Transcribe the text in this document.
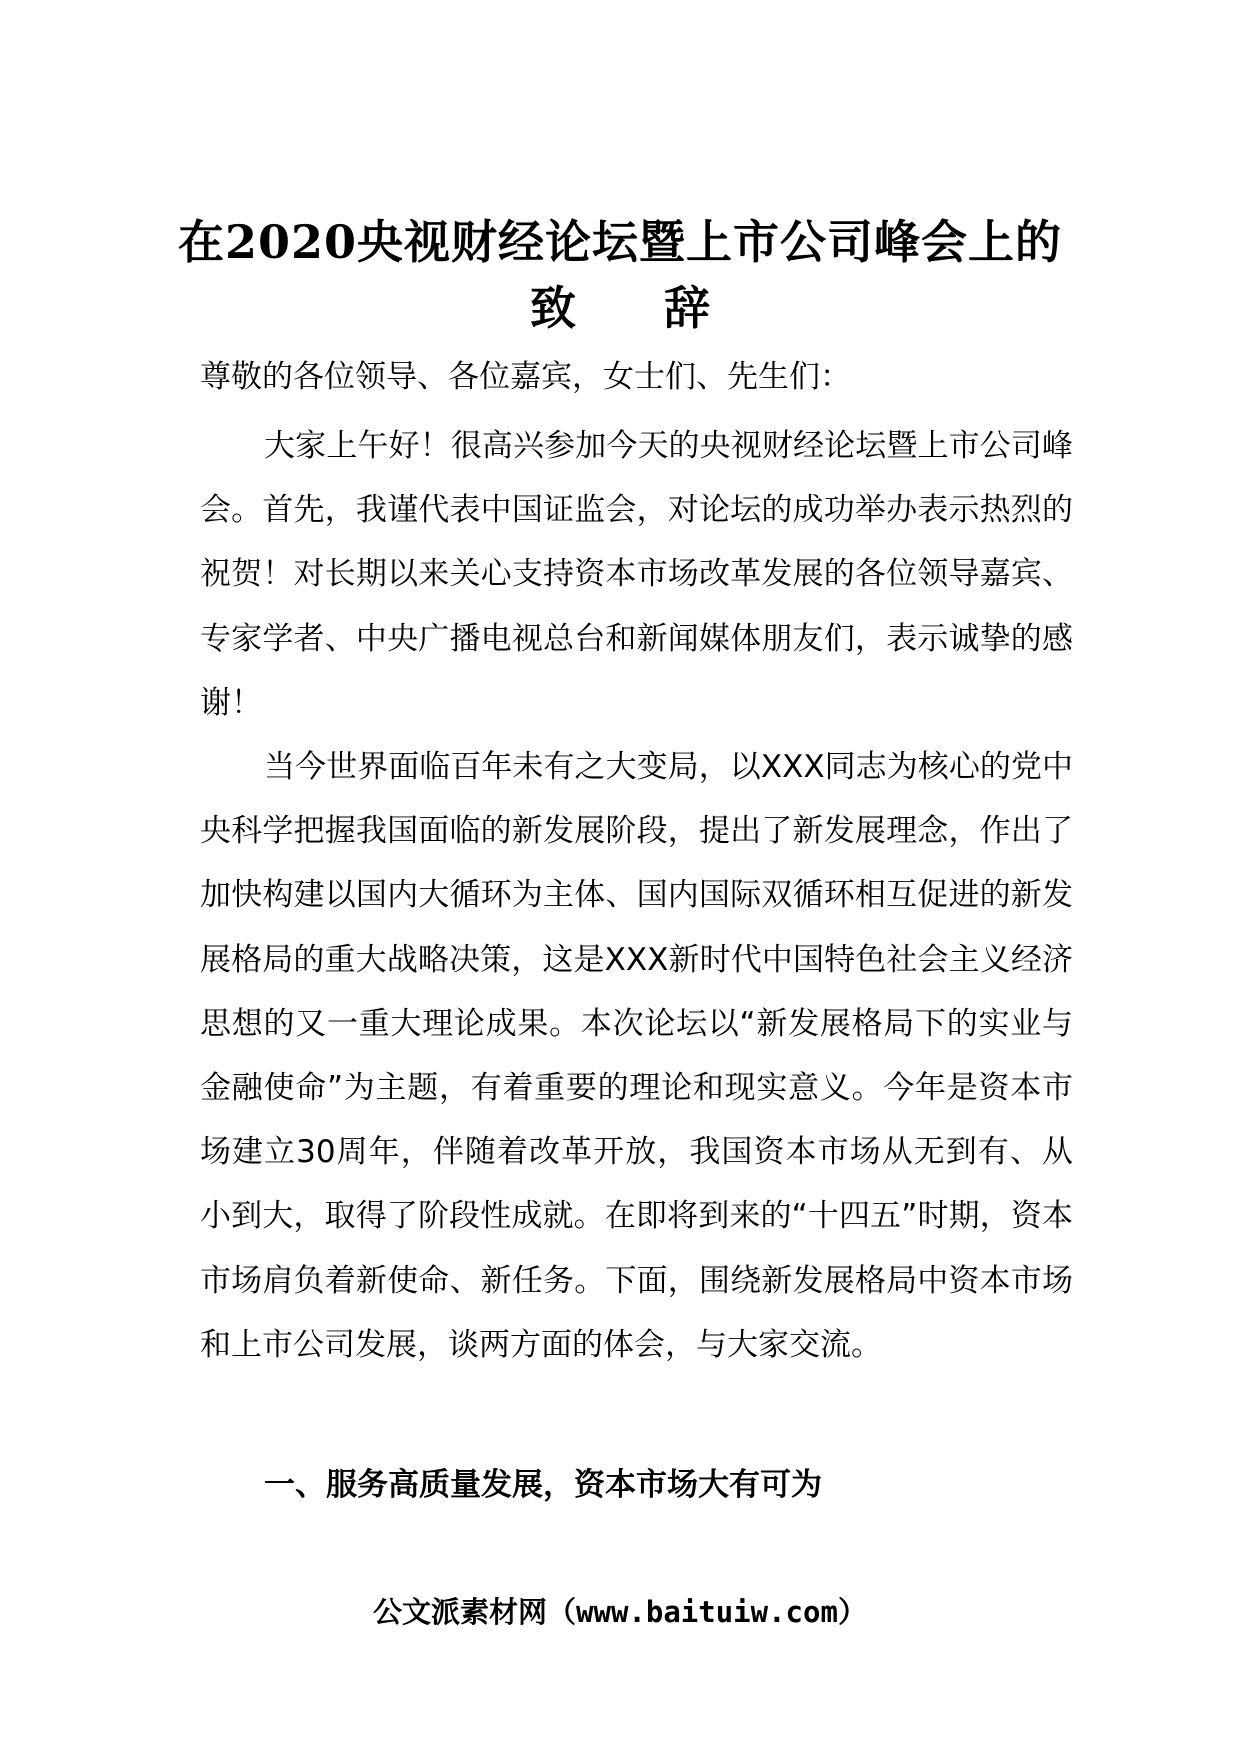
在2020央视财经论坛暨上市公司峰会上的
致 辞
尊敬的各位领导、各位嘉宾，女士们、先生们：

大家上午好！很高兴参加今天的央视财经论坛暨上市公司峰会。首先，我谨代表中国证监会，对论坛的成功举办表示热烈的祝贺！对长期以来关心支持资本市场改革发展的各位领导嘉宾、专家学者、中央广播电视总台和新闻媒体朋友们，表示诚挚的感谢！

当今世界面临百年未有之大变局，以XXX同志为核心的党中央科学把握我国面临的新发展阶段，提出了新发展理念，作出了加快构建以国内大循环为主体、国内国际双循环相互促进的新发展格局的重大战略决策，这是XXX新时代中国特色社会主义经济思想的又一重大理论成果。本次论坛以“新发展格局下的实业与金融使命”为主题，有着重要的理论和现实意义。今年是资本市场建立30周年，伴随着改革开放，我国资本市场从无到有、从小到大，取得了阶段性成就。在即将到来的“十四五”时期，资本市场肩负着新使命、新任务。下面，围绕新发展格局中资本市场和上市公司发展，谈两方面的体会，与大家交流。

一、服务高质量发展，资本市场大有可为
公文派素材网（www.baituiw.com）
